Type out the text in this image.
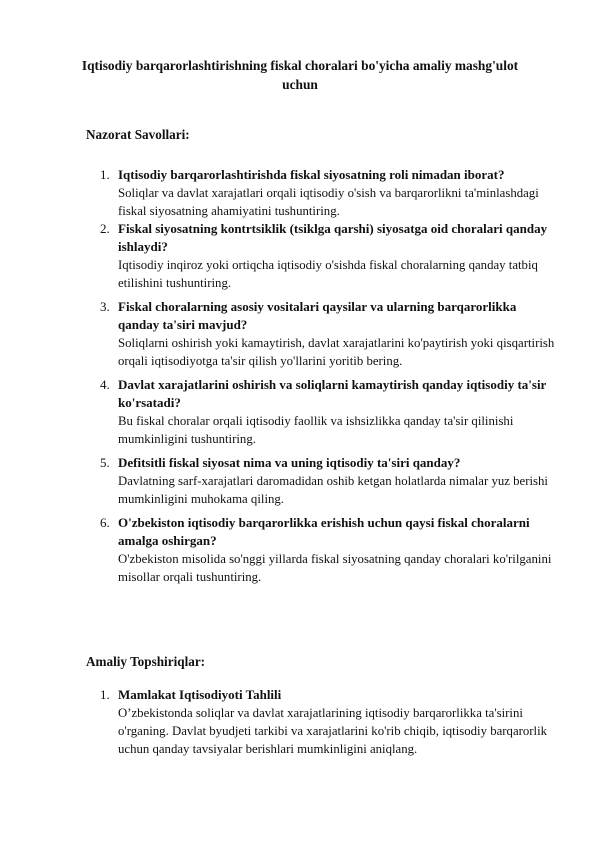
Iqtisodiy barqarorlashtirishning fiskal choralari bo'yicha amaliy mashg'ulot uchun
Nazorat Savollari:
1. Iqtisodiy barqarorlashtirishda fiskal siyosatning roli nimadan iborat?
Soliqlar va davlat xarajatlari orqali iqtisodiy o'sish va barqarorlikni ta'minlashdagi fiskal siyosatning ahamiyatini tushuntiring.
2. Fiskal siyosatning kontrtsiklik (tsiklga qarshi) siyosatga oid choralari qanday ishlaydi?
Iqtisodiy inqiroz yoki ortiqcha iqtisodiy o'sishda fiskal choralarning qanday tatbiq etilishini tushuntiring.
3. Fiskal choralarning asosiy vositalari qaysilar va ularning barqarorlikka qanday ta'siri mavjud?
Soliqlarni oshirish yoki kamaytirish, davlat xarajatlarini ko'paytirish yoki qisqartirish orqali iqtisodiyotga ta'sir qilish yo'llarini yoritib bering.
4. Davlat xarajatlarini oshirish va soliqlarni kamaytirish qanday iqtisodiy ta'sir ko'rsatadi?
Bu fiskal choralar orqali iqtisodiy faollik va ishsizlikka qanday ta'sir qilinishi mumkinligini tushuntiring.
5. Defitsitli fiskal siyosat nima va uning iqtisodiy ta'siri qanday?
Davlatning sarf-xarajatlari daromadidan oshib ketgan holatlarda nimalar yuz berishi mumkinligini muhokama qiling.
6. O'zbekiston iqtisodiy barqarorlikka erishish uchun qaysi fiskal choralarni amalga oshirgan?
O'zbekiston misolida so'nggi yillarda fiskal siyosatning qanday choralari ko'rilganini misollar orqali tushuntiring.
Amaliy Topshiriqlar:
1. Mamlakat Iqtisodiyoti Tahlili
O’zbekistonda soliqlar va davlat xarajatlarining iqtisodiy barqarorlikka ta'sirini o'rganing. Davlat byudjeti tarkibi va xarajatlarini ko'rib chiqib, iqtisodiy barqarorlik uchun qanday tavsiyalar berishlari mumkinligini aniqlang.
